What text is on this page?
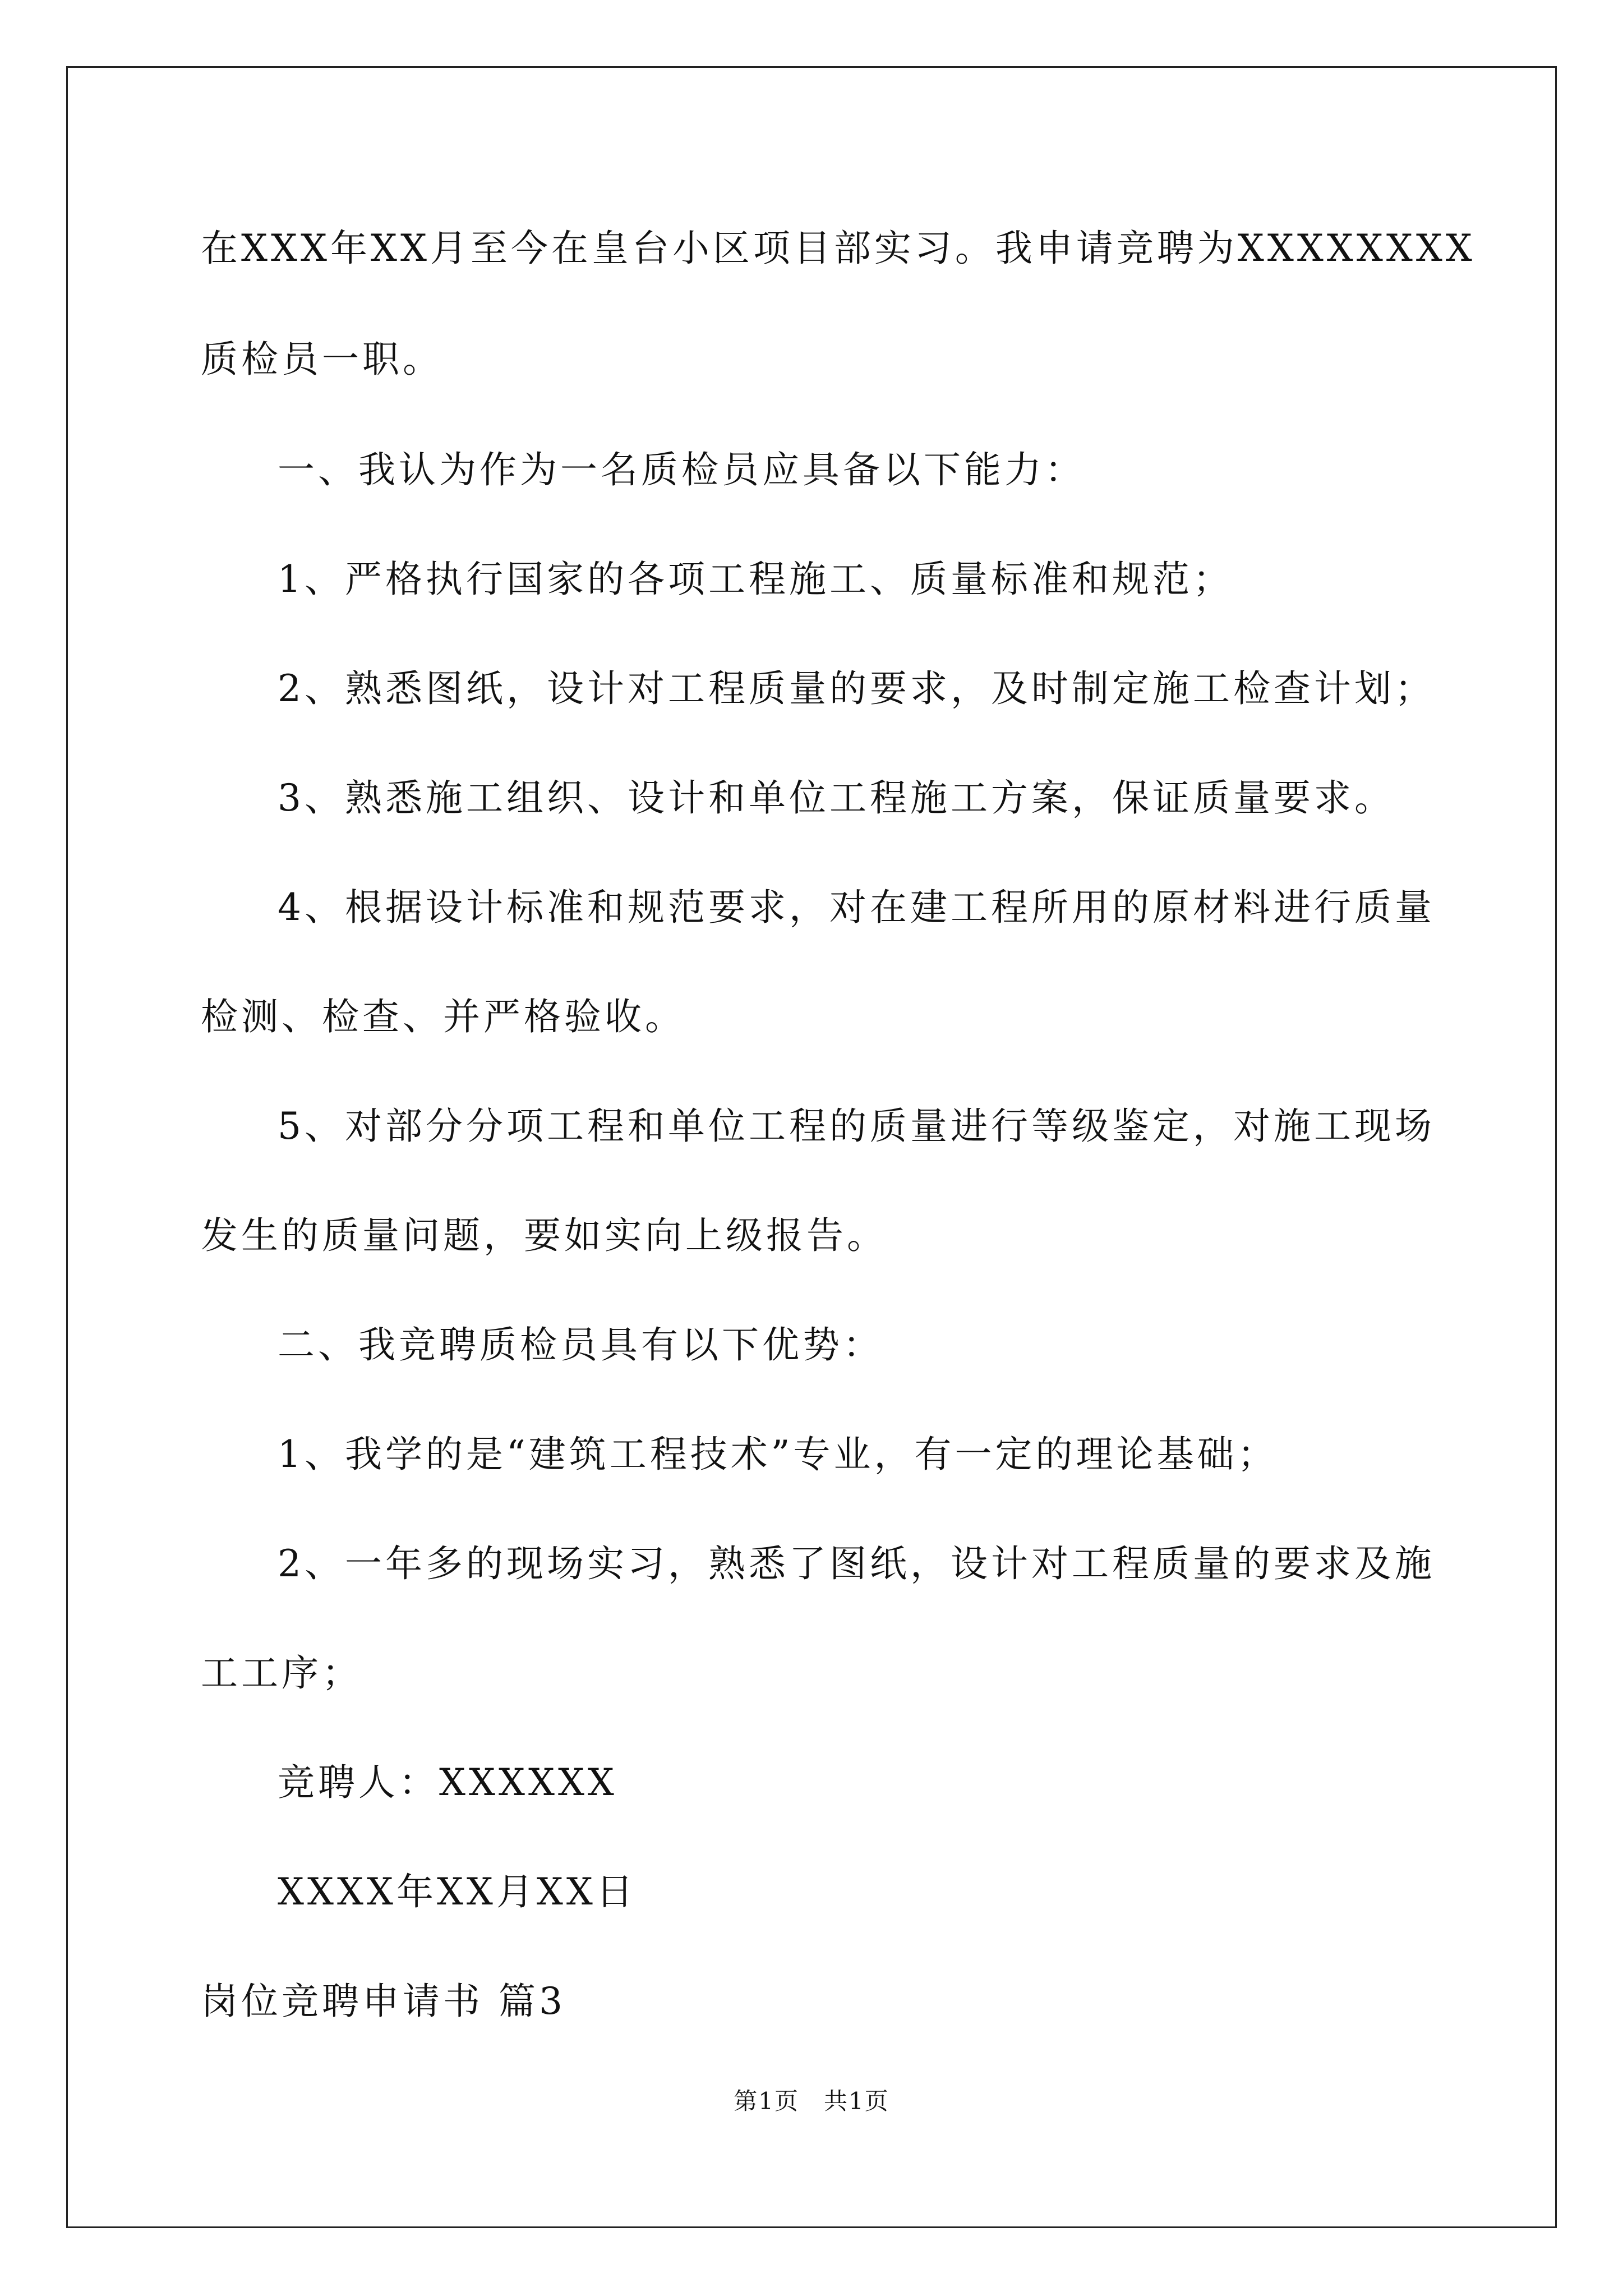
在XXX年XX月至今在皇台小区项目部实习。我申请竞聘为XXXXXXXX
质检员一职。
一、我认为作为一名质检员应具备以下能力：
1、严格执行国家的各项工程施工、质量标准和规范；
2、熟悉图纸，设计对工程质量的要求，及时制定施工检查计划；
3、熟悉施工组织、设计和单位工程施工方案，保证质量要求。
4、根据设计标准和规范要求，对在建工程所用的原材料进行质量
检测、检查、并严格验收。
5、对部分分项工程和单位工程的质量进行等级鉴定，对施工现场
发生的质量问题，要如实向上级报告。
二、我竞聘质检员具有以下优势：
1、我学的是“建筑工程技术”专业，有一定的理论基础；
2、一年多的现场实习，熟悉了图纸，设计对工程质量的要求及施
工工序；
竞聘人：XXXXXX
XXXX年XX月XX日
岗位竞聘申请书 篇3
第1页　共1页
